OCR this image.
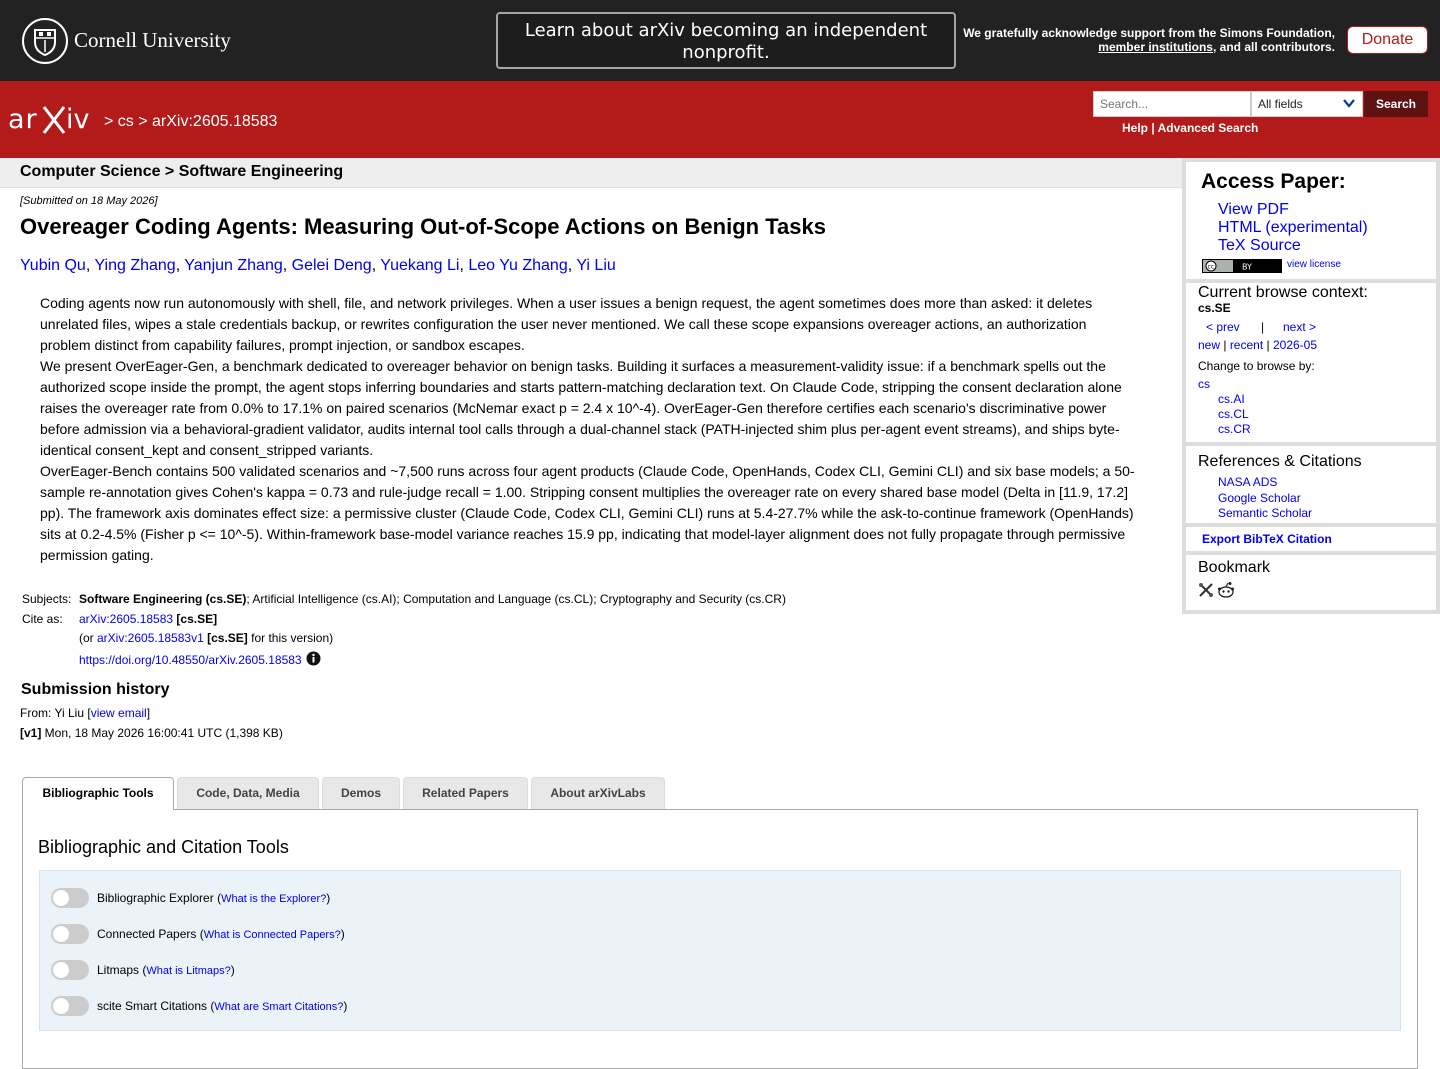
Cornell University	Learn about arXiv becoming an independent nonprofit.
We gratefully acknowledge support from the Simons Foundation,
member institutions, and all contributors.	Donate
ar iv > cs > arXiv:2605.18583
Search...
All fields	Search
Help | Advanced Search
Computer Science > Software Engineering
[Submitted on 18 May 2026]
Overeager Coding Agents: Measuring Out-of-Scope Actions on Benign Tasks
Yubin Qu, Ying Zhang, Yanjun Zhang, Gelei Deng, Yuekang Li, Leo Yu Zhang, Yi Liu

Coding agents now run autonomously with shell, file, and network privileges. When a user issues a benign request, the agent sometimes does more than asked: it deletes unrelated files, wipes a stale credentials backup, or rewrites configuration the user never mentioned. We call these scope expansions overeager actions, an authorization problem distinct from capability failures, prompt injection, or sandbox escapes.

We present OverEager-Gen, a benchmark dedicated to overeager behavior on benign tasks. Building it surfaces a measurement-validity issue: if a benchmark spells out the authorized scope inside the prompt, the agent stops inferring boundaries and starts pattern-matching declaration text. On Claude Code, stripping the consent declaration alone raises the overeager rate from 0.0% to 17.1% on paired scenarios (McNemar exact p = 2.4 x 10^-4). OverEager-Gen therefore certifies each scenario's discriminative power before admission via a behavioral-gradient validator, audits internal tool calls through a dual-channel stack (PATH-injected shim plus per-agent event streams), and ships byte-identical consent_kept and consent_stripped variants.

OverEager-Bench contains 500 validated scenarios and ~7,500 runs across four agent products (Claude Code, OpenHands, Codex CLI, Gemini CLI) and six base models; a 50-sample re-annotation gives Cohen's kappa = 0.73 and rule-judge recall = 1.00. Stripping consent multiplies the overeager rate on every shared base model (Delta in [11.9, 17.2] pp). The framework axis dominates effect size: a permissive cluster (Claude Code, Codex CLI, Gemini CLI) runs at 5.4-27.7% while the ask-to-continue framework (OpenHands) sits at 0.2-4.5% (Fisher p <= 10^-5). Within-framework base-model variance reaches 15.9 pp, indicating that model-layer alignment does not fully propagate through permissive permission gating.

Subjects: Software Engineering (cs.SE); Artificial Intelligence (cs.AI); Computation and Language (cs.CL); Cryptography and Security (cs.CR)
Cite as: arXiv:2605.18583 [cs.SE]
(or arXiv:2605.18583v1 [cs.SE] for this version)
https://doi.org/10.48550/arXiv.2605.18583
Submission history
From: Yi Liu [view email]
[v1] Mon, 18 May 2026 16:00:41 UTC (1,398 KB)
Bibliographic Tools	Code, Data, Media	Demos	Related Papers	About arXivLabs
Bibliographic and Citation Tools
Bibliographic Explorer (What is the Explorer?)
Connected Papers (What is Connected Papers?)
Litmaps (What is Litmaps?)
scite Smart Citations (What are Smart Citations?)
Access Paper:
View PDF
HTML (experimental)
TeX Source
cc	BY	view license
Current browse context:
cs.SE
< prev | next >
new | recent | 2026-05
Change to browse by:
cs
cs.AI
cs.CL
cs.CR
References & Citations
NASA ADS
Google Scholar
Semantic Scholar
Export BibTeX Citation
Bookmark
